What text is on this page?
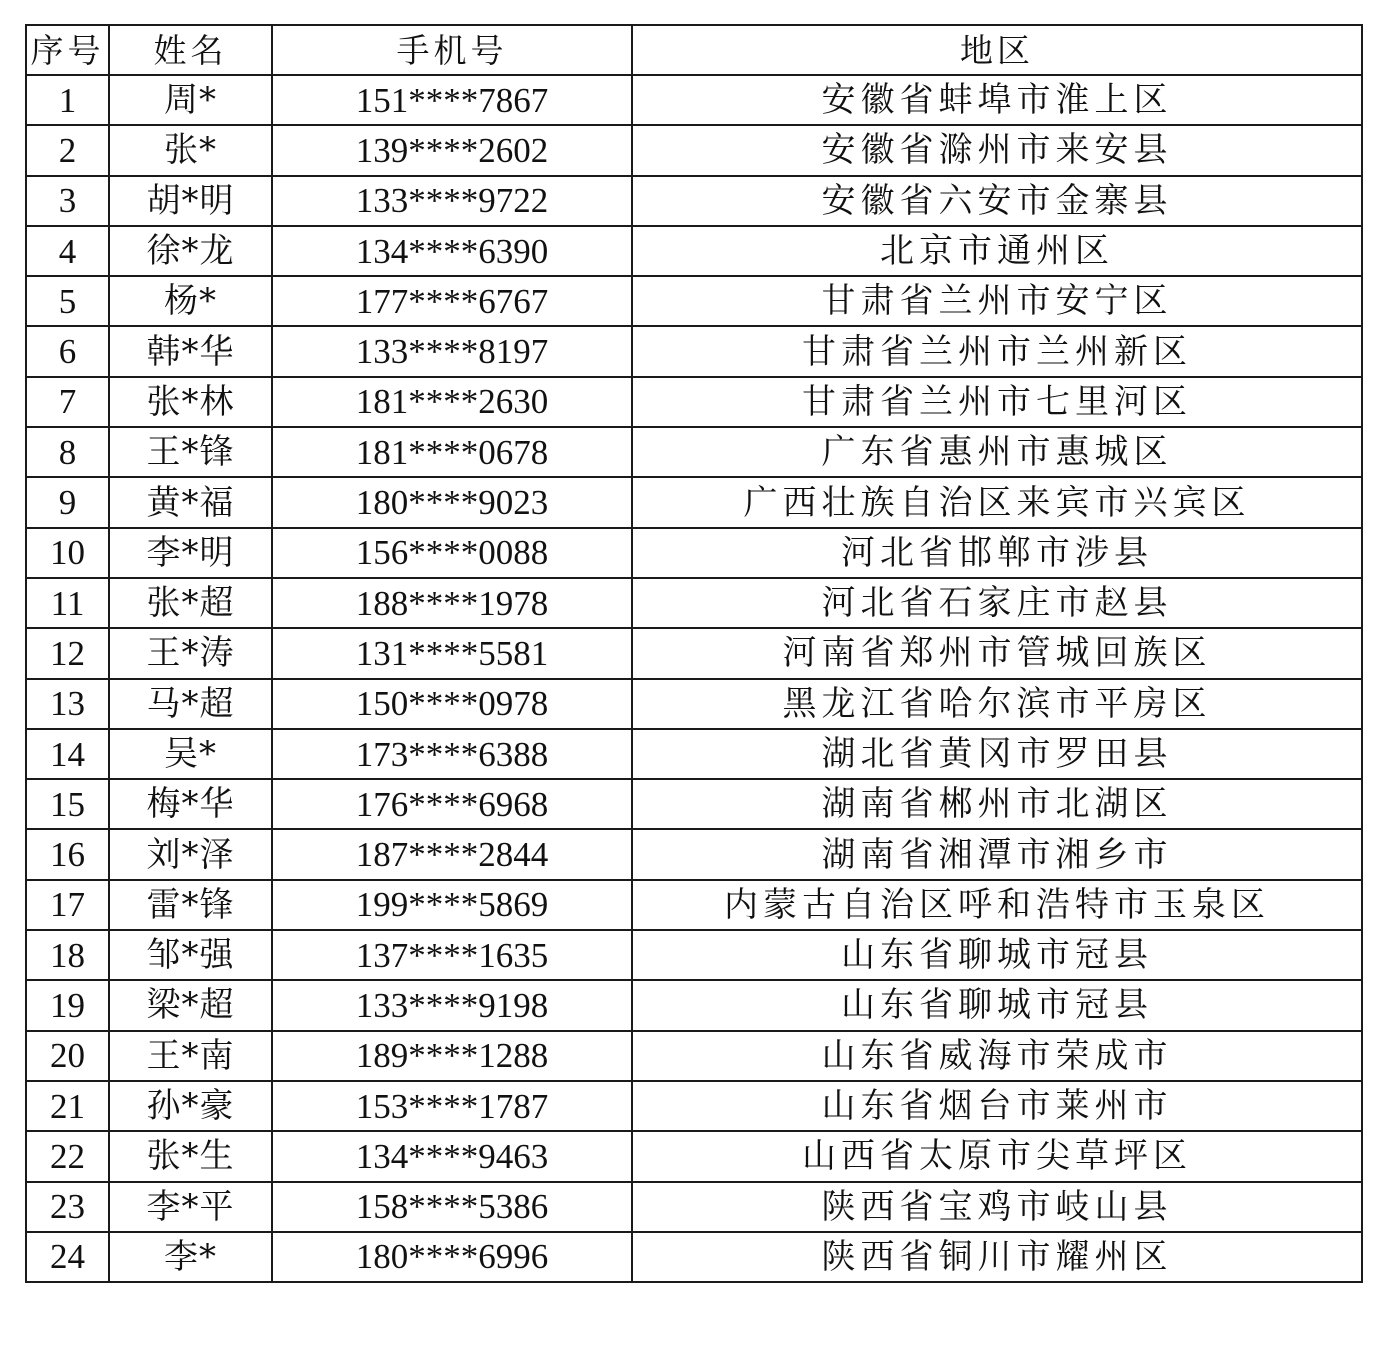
序号	姓名	手机号	地区
1	周*	151****7867	安徽省蚌埠市淮上区
2	张*	139****2602	安徽省滁州市来安县
3	胡*明	133****9722	安徽省六安市金寨县
4	徐*龙	134****6390	北京市通州区
5	杨*	177****6767	甘肃省兰州市安宁区
6	韩*华	133****8197	甘肃省兰州市兰州新区
7	张*林	181****2630	甘肃省兰州市七里河区
8	王*锋	181****0678	广东省惠州市惠城区
9	黄*福	180****9023	广西壮族自治区来宾市兴宾区
10	李*明	156****0088	河北省邯郸市涉县
11	张*超	188****1978	河北省石家庄市赵县
12	王*涛	131****5581	河南省郑州市管城回族区
13	马*超	150****0978	黑龙江省哈尔滨市平房区
14	吴*	173****6388	湖北省黄冈市罗田县
15	梅*华	176****6968	湖南省郴州市北湖区
16	刘*泽	187****2844	湖南省湘潭市湘乡市
17	雷*锋	199****5869	内蒙古自治区呼和浩特市玉泉区
18	邹*强	137****1635	山东省聊城市冠县
19	梁*超	133****9198	山东省聊城市冠县
20	王*南	189****1288	山东省威海市荣成市
21	孙*豪	153****1787	山东省烟台市莱州市
22	张*生	134****9463	山西省太原市尖草坪区
23	李*平	158****5386	陕西省宝鸡市岐山县
24	李*	180****6996	陕西省铜川市耀州区
